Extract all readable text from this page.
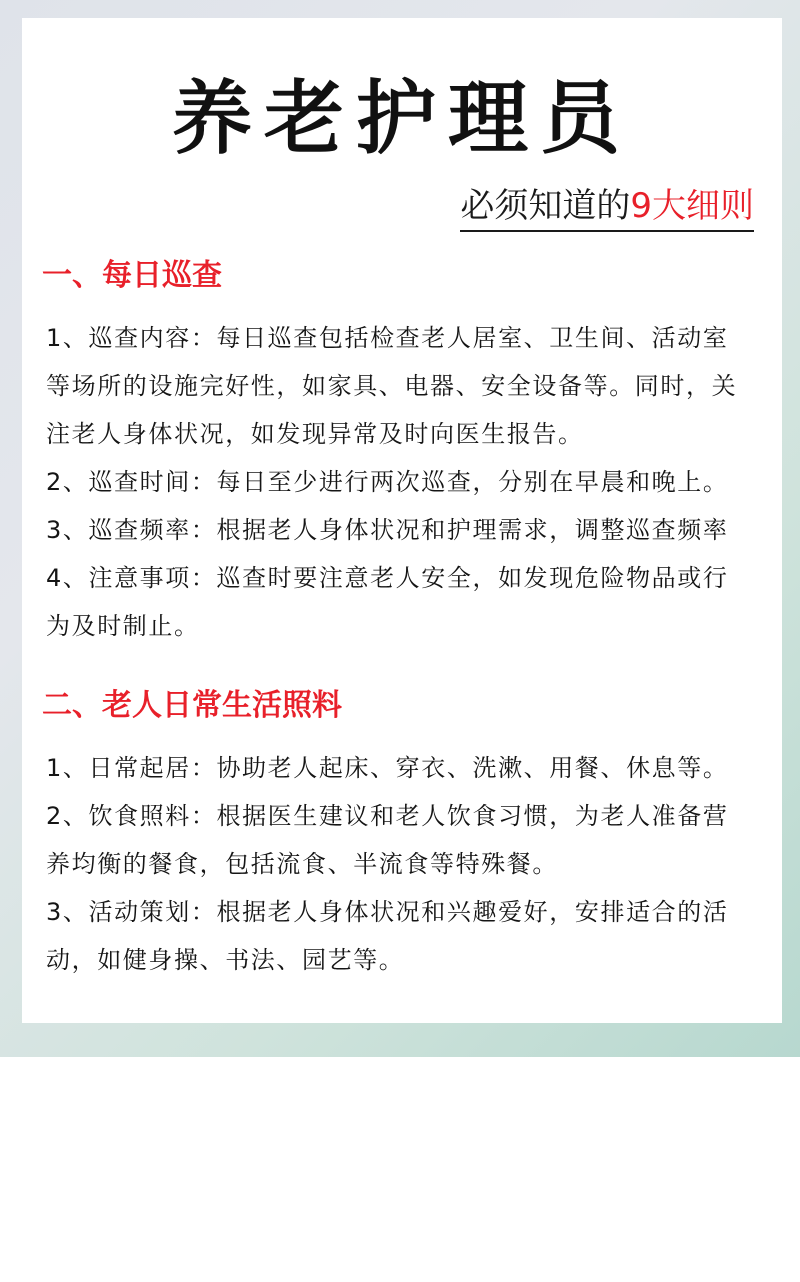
养老护理员
必须知道的9大细则
一、每日巡查
1、巡查内容：每日巡查包括检查老人居室、卫生间、活动室
等场所的设施完好性，如家具、电器、安全设备等。同时，关
注老人身体状况，如发现异常及时向医生报告。
2、巡查时间：每日至少进行两次巡查，分别在早晨和晚上。
3、巡查频率：根据老人身体状况和护理需求，调整巡查频率
4、注意事项：巡查时要注意老人安全，如发现危险物品或行
为及时制止。
二、老人日常生活照料
1、日常起居：协助老人起床、穿衣、洗漱、用餐、休息等。
2、饮食照料：根据医生建议和老人饮食习惯，为老人准备营
养均衡的餐食，包括流食、半流食等特殊餐。
3、活动策划：根据老人身体状况和兴趣爱好，安排适合的活
动，如健身操、书法、园艺等。
